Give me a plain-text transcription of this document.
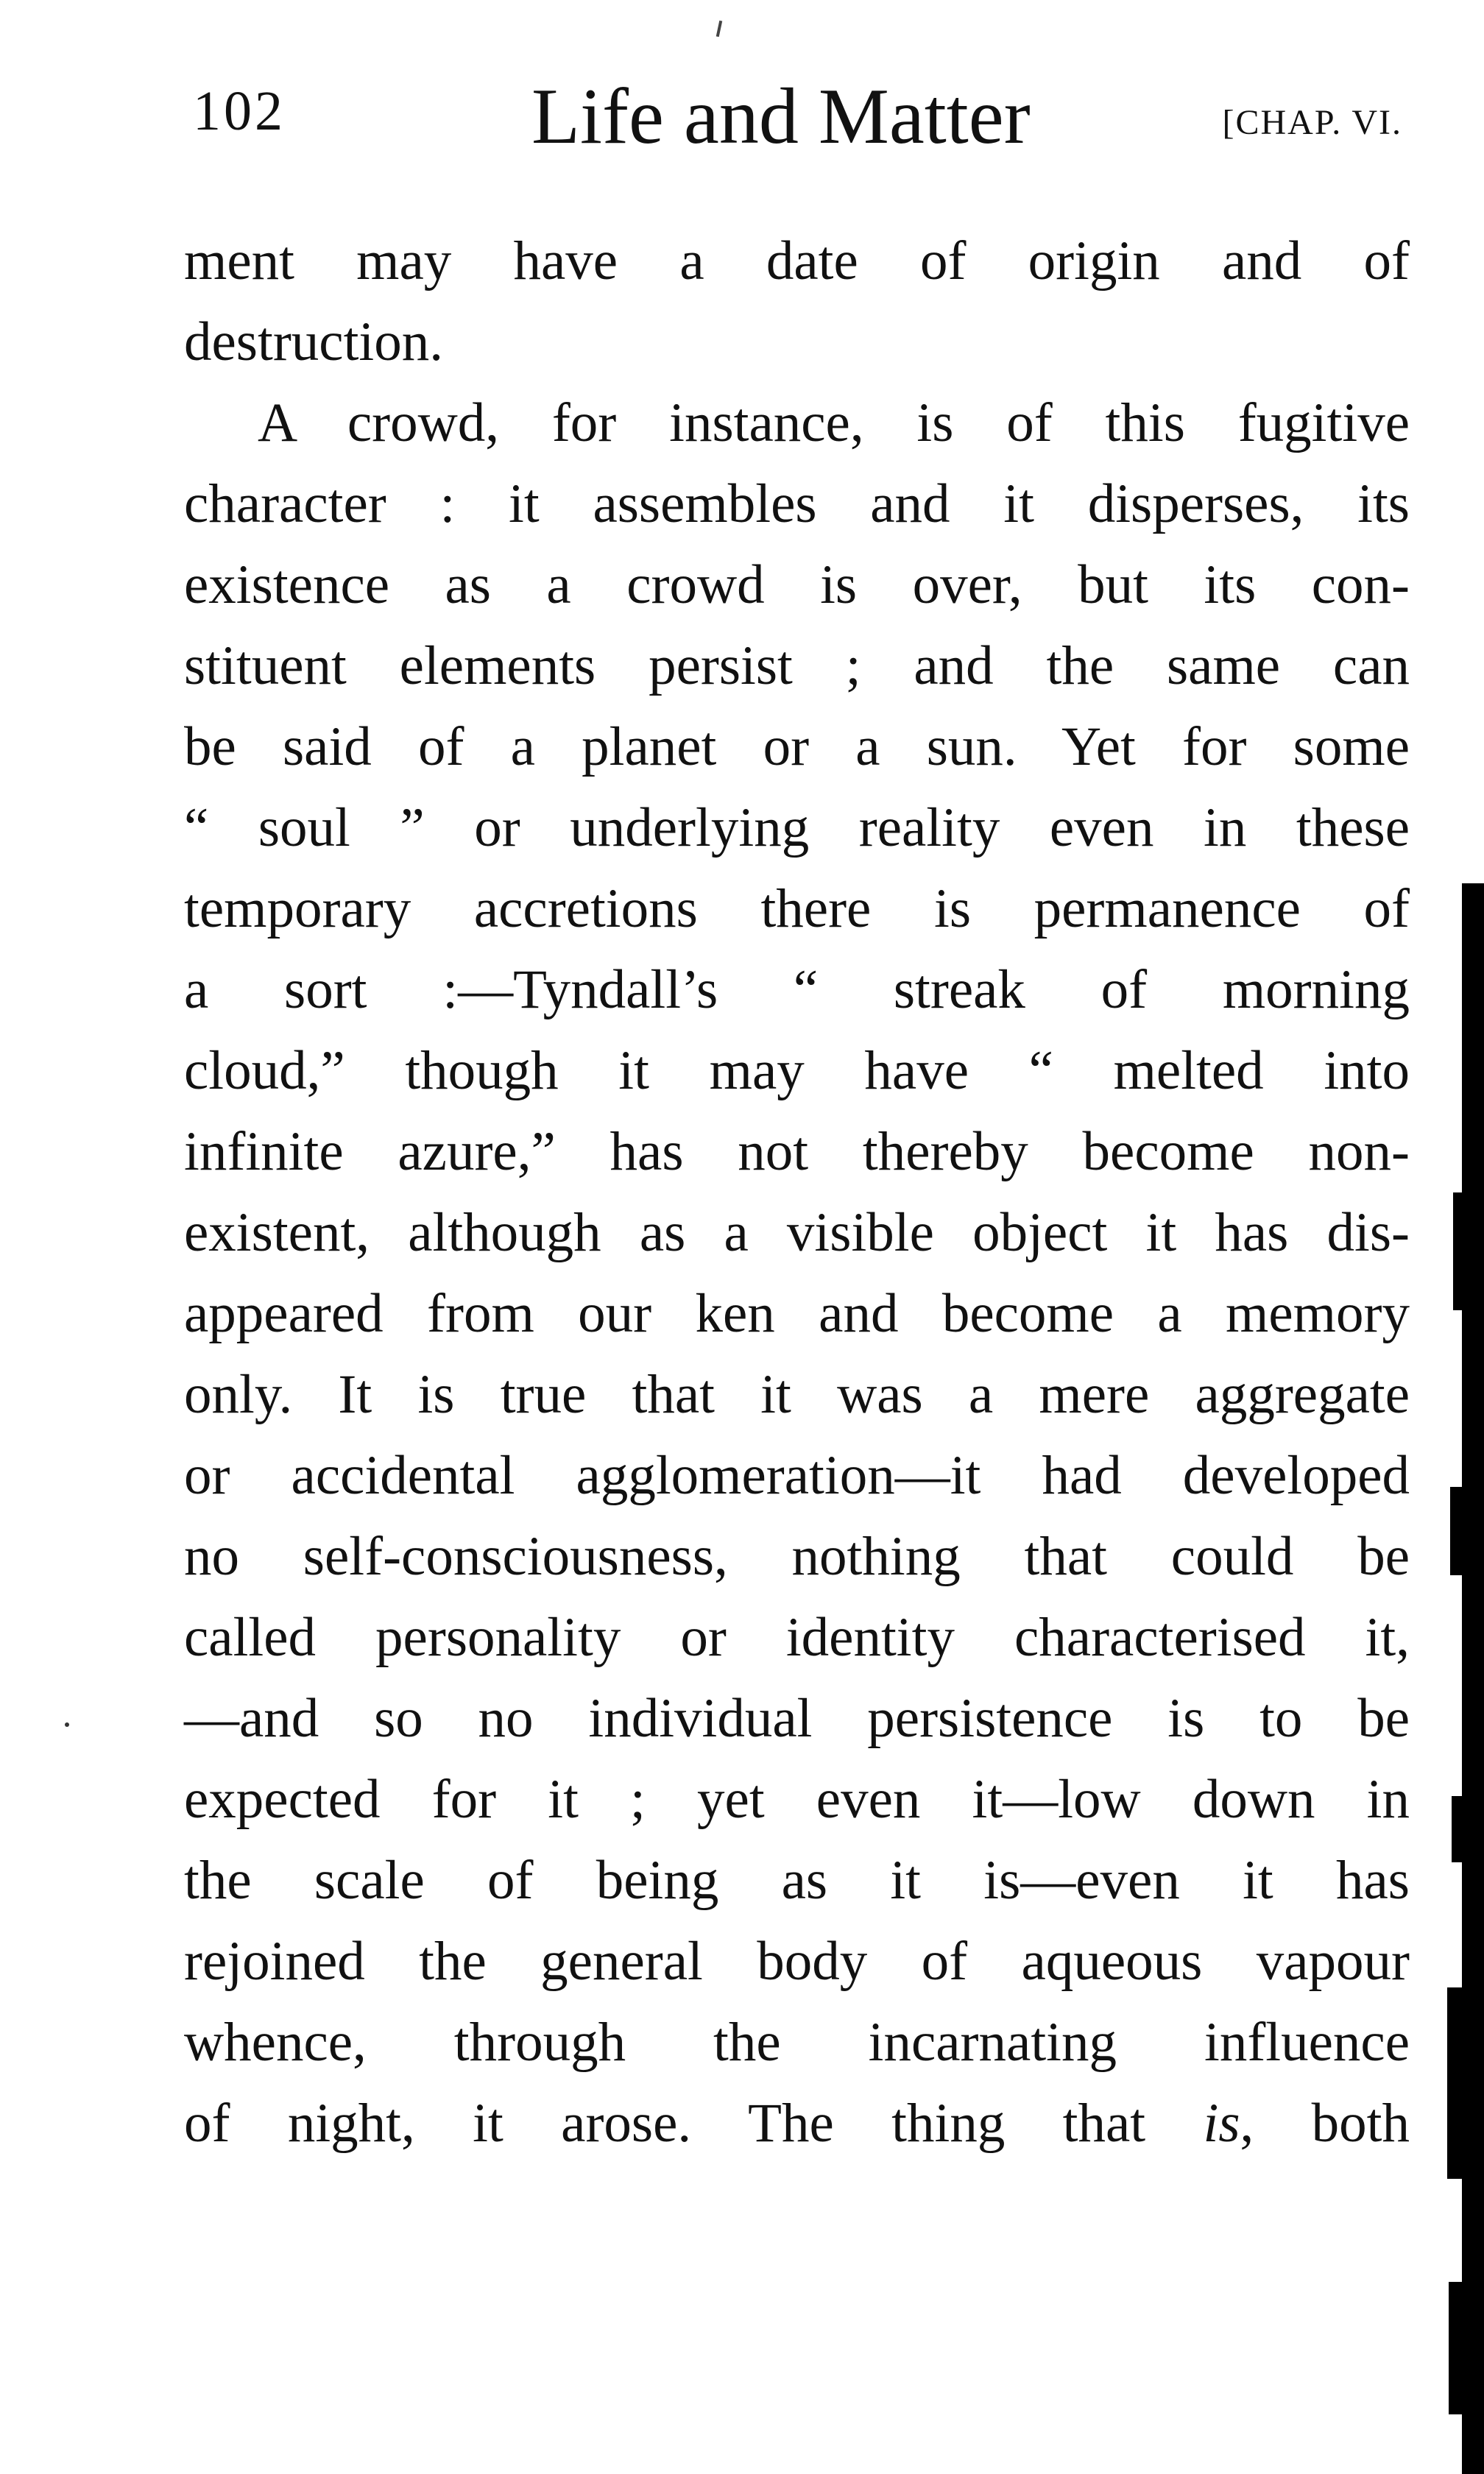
102	Life and Matter	[CHAP. VI.
ment may have a date of origin and of
destruction.
A crowd, for instance, is of this fugitive
character : it assembles and it disperses, its
existence as a crowd is over, but its con-
stituent elements persist ; and the same can
be said of a planet or a sun. Yet for some
“ soul ” or underlying reality even in these
temporary accretions there is permanence of
a sort :—Tyndall’s “ streak of morning
cloud,” though it may have “ melted into
infinite azure,” has not thereby become non-
existent, although as a visible object it has dis-
appeared from our ken and become a memory
only. It is true that it was a mere aggregate
or accidental agglomeration—it had developed
no self-consciousness, nothing that could be
called personality or identity characterised it,
—and so no individual persistence is to be
expected for it ; yet even it—low down in
the scale of being as it is—even it has
rejoined the general body of aqueous vapour
whence, through the incarnating influence
of night, it arose. The thing that is, both
